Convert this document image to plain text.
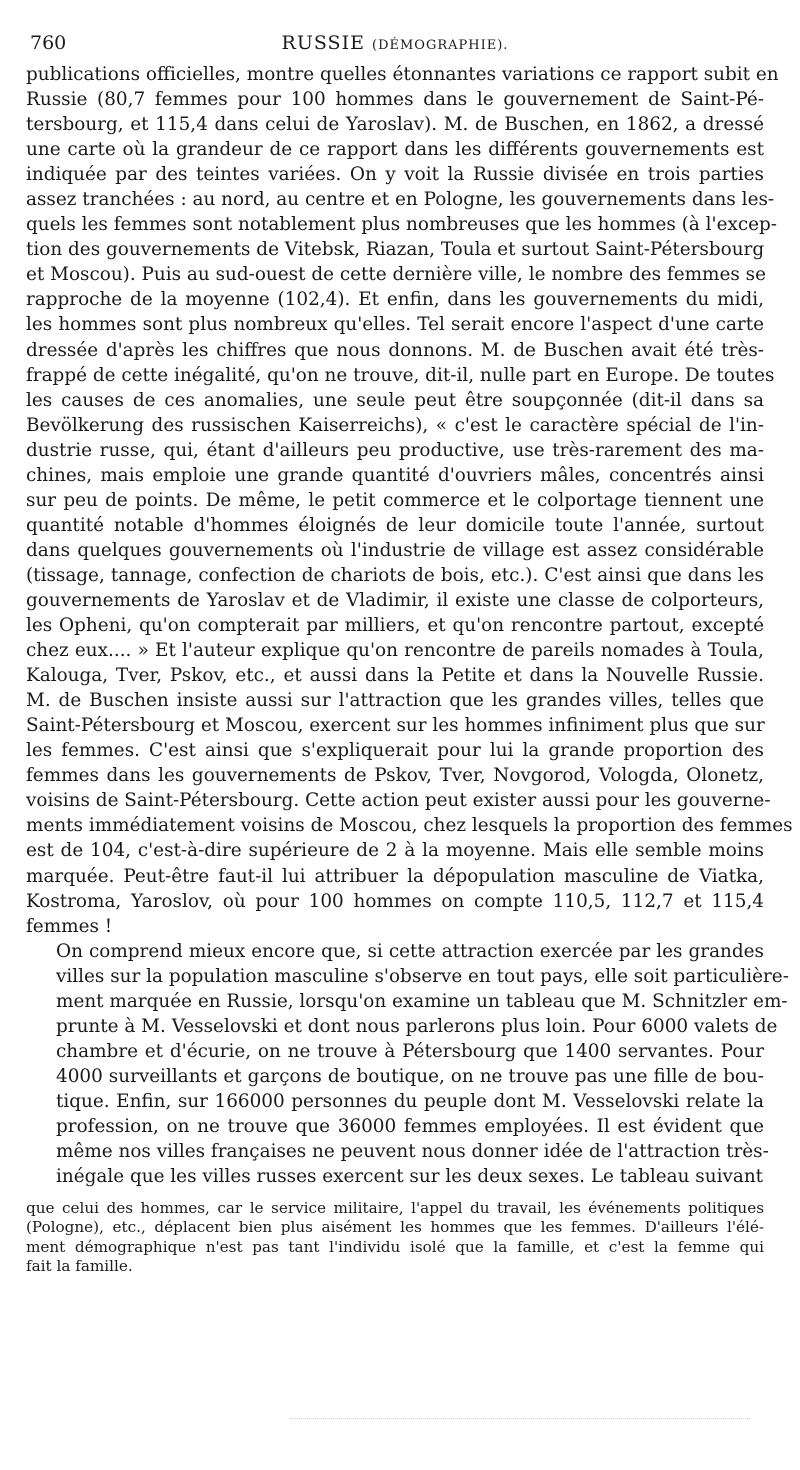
760	RUSSIE (DÉMOGRAPHIE).

publications officielles, montre quelles étonnantes variations ce rapport subit en
Russie (80,7 femmes pour 100 hommes dans le gouvernement de Saint-Pé-
tersbourg, et 115,4 dans celui de Yaroslav). M. de Buschen, en 1862, a dressé
une carte où la grandeur de ce rapport dans les différents gouvernements est
indiquée par des teintes variées. On y voit la Russie divisée en trois parties
assez tranchées : au nord, au centre et en Pologne, les gouvernements dans les-
quels les femmes sont notablement plus nombreuses que les hommes (à l'excep-
tion des gouvernements de Vitebsk, Riazan, Toula et surtout Saint-Pétersbourg
et Moscou). Puis au sud-ouest de cette dernière ville, le nombre des femmes se
rapproche de la moyenne (102,4). Et enfin, dans les gouvernements du midi,
les hommes sont plus nombreux qu'elles. Tel serait encore l'aspect d'une carte
dressée d'après les chiffres que nous donnons. M. de Buschen avait été très-
frappé de cette inégalité, qu'on ne trouve, dit-il, nulle part en Europe. De toutes
les causes de ces anomalies, une seule peut être soupçonnée (dit-il dans sa
Bevölkerung des russischen Kaiserreichs), « c'est le caractère spécial de l'in-
dustrie russe, qui, étant d'ailleurs peu productive, use très-rarement des ma-
chines, mais emploie une grande quantité d'ouvriers mâles, concentrés ainsi
sur peu de points. De même, le petit commerce et le colportage tiennent une
quantité notable d'hommes éloignés de leur domicile toute l'année, surtout
dans quelques gouvernements où l'industrie de village est assez considérable
(tissage, tannage, confection de chariots de bois, etc.). C'est ainsi que dans les
gouvernements de Yaroslav et de Vladimir, il existe une classe de colporteurs,
les Opheni, qu'on compterait par milliers, et qu'on rencontre partout, excepté
chez eux.... » Et l'auteur explique qu'on rencontre de pareils nomades à Toula,
Kalouga, Tver, Pskov, etc., et aussi dans la Petite et dans la Nouvelle Russie.
M. de Buschen insiste aussi sur l'attraction que les grandes villes, telles que
Saint-Pétersbourg et Moscou, exercent sur les hommes infiniment plus que sur
les femmes. C'est ainsi que s'expliquerait pour lui la grande proportion des
femmes dans les gouvernements de Pskov, Tver, Novgorod, Vologda, Olonetz,
voisins de Saint-Pétersbourg. Cette action peut exister aussi pour les gouverne-
ments immédiatement voisins de Moscou, chez lesquels la proportion des femmes
est de 104, c'est-à-dire supérieure de 2 à la moyenne. Mais elle semble moins
marquée. Peut-être faut-il lui attribuer la dépopulation masculine de Viatka,
Kostroma, Yaroslov, où pour 100 hommes on compte 110,5, 112,7 et 115,4
femmes !

On comprend mieux encore que, si cette attraction exercée par les grandes
villes sur la population masculine s'observe en tout pays, elle soit particulière-
ment marquée en Russie, lorsqu'on examine un tableau que M. Schnitzler em-
prunte à M. Vesselovski et dont nous parlerons plus loin. Pour 6000 valets de
chambre et d'écurie, on ne trouve à Pétersbourg que 1400 servantes. Pour
4000 surveillants et garçons de boutique, on ne trouve pas une fille de bou-
tique. Enfin, sur 166000 personnes du peuple dont M. Vesselovski relate la
profession, on ne trouve que 36000 femmes employées. Il est évident que
même nos villes françaises ne peuvent nous donner idée de l'attraction très-
inégale que les villes russes exercent sur les deux sexes. Le tableau suivant

que celui des hommes, car le service militaire, l'appel du travail, les événements politiques
(Pologne), etc., déplacent bien plus aisément les hommes que les femmes. D'ailleurs l'élé-
ment démographique n'est pas tant l'individu isolé que la famille, et c'est la femme qui
fait la famille.
